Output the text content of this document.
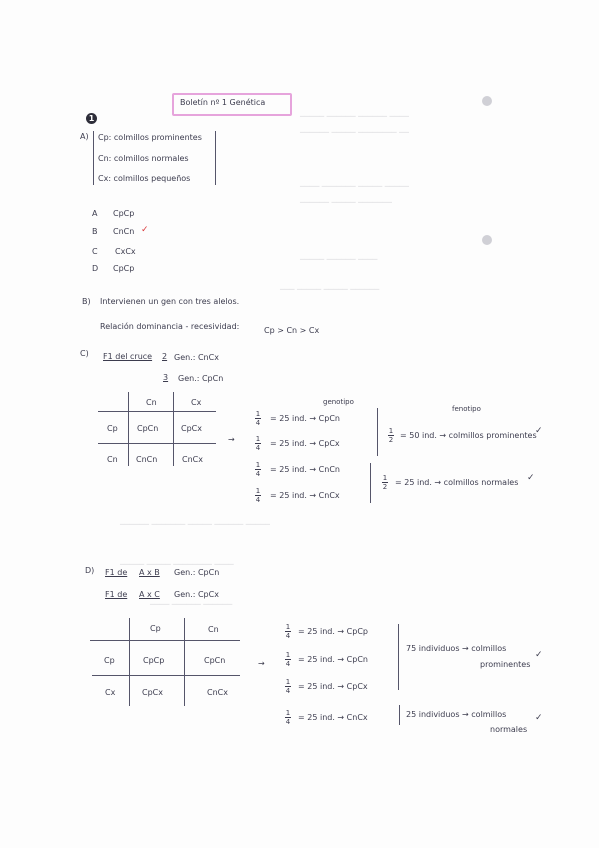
───── ────── ────── ────
────── ───── ──────── ──
──── ─────── ───── ─────
────── ───── ───────
───── ────── ────
─── ───── ───── ──────
────── ─────── ───── ────── ─────
───── ───── ──────── ────
──── ────── ──────
Boletín nº 1 Genética
1
A) Cp: colmillos prominentes
Cn: colmillos normales
Cx: colmillos pequeños
A CpCp
B CnCn ✓
C CxCx
D CpCp
B) Intervienen un gen con tres alelos.
Relación dominancia - recesividad:	Cp > Cn > Cx
C) F1 del cruce 2 Gen.: CnCx
3 Gen.: CpCn
Cn	Cx
Cp CpCn	CpCx
Cn CnCn	CnCx
→
genotipo
fenotipo
1
4 = 25 ind. → CpCn
1
4 = 25 ind. → CpCx
1
4 = 25 ind. → CnCn
1
4 = 25 ind. → CnCx
1
2 = 50 ind. → colmillos prominentes
✓
1
2 = 25 ind. → colmillos normales ✓
D) F1 de A x B Gen.: CpCn
F1 de A x C Gen.: CpCx
Cp	Cn
Cp	CpCp	CpCn
Cx	CpCx	CnCx
→
1
4 = 25 ind. → CpCp
1
4 = 25 ind. → CpCn
1
4 = 25 ind. → CpCx
1
4 = 25 ind. → CnCx
75 individuos → colmillos
prominentes
✓
25 individuos → colmillos
normales
✓
